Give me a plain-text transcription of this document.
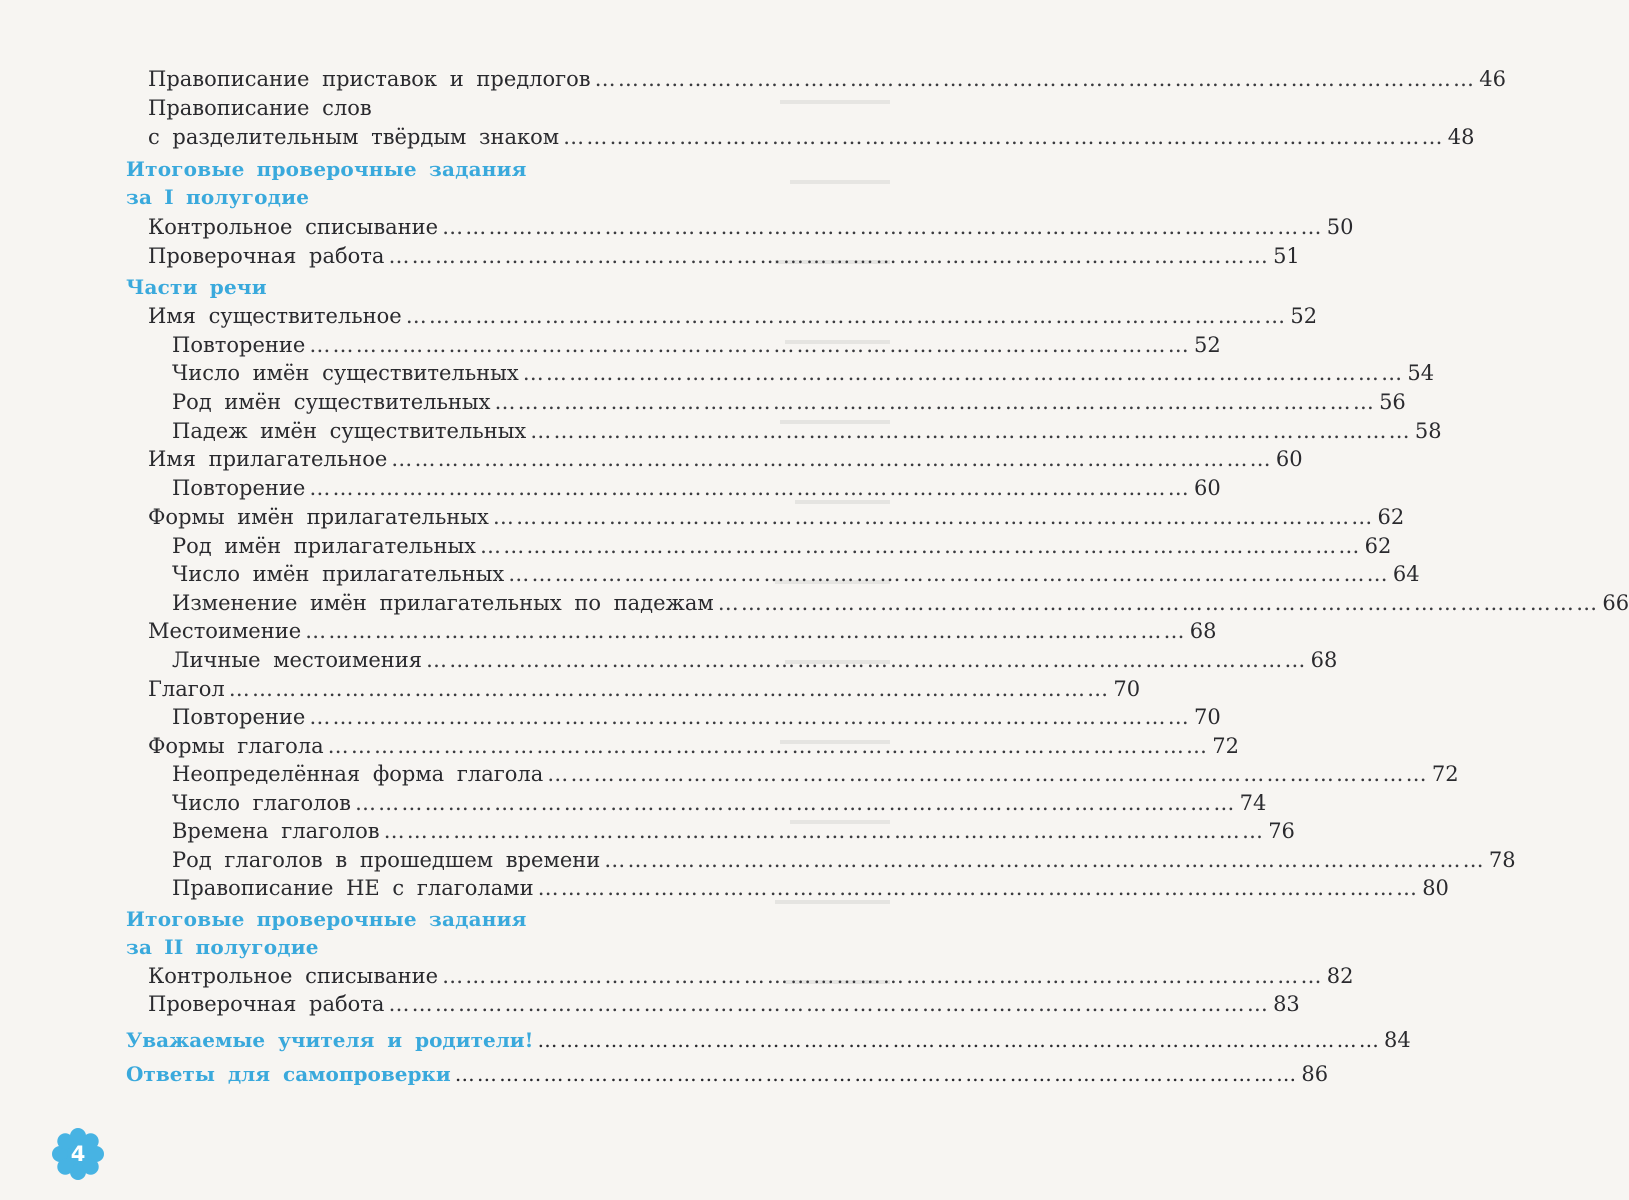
Правописание приставок и предлогов …………………………………………………………………………………………………… 46
Правописание слов
с разделительным твёрдым знаком …………………………………………………………………………………………………… 48
Итоговые проверочные задания
за I полугодие
Контрольное списывание …………………………………………………………………………………………………… 50
Проверочная работа …………………………………………………………………………………………………… 51
Части речи
Имя существительное …………………………………………………………………………………………………… 52
Повторение …………………………………………………………………………………………………… 52
Число имён существительных …………………………………………………………………………………………………… 54
Род имён существительных …………………………………………………………………………………………………… 56
Падеж имён существительных …………………………………………………………………………………………………… 58
Имя прилагательное …………………………………………………………………………………………………… 60
Повторение …………………………………………………………………………………………………… 60
Формы имён прилагательных …………………………………………………………………………………………………… 62
Род имён прилагательных …………………………………………………………………………………………………… 62
Число имён прилагательных …………………………………………………………………………………………………… 64
Изменение имён прилагательных по падежам …………………………………………………………………………………………………… 66
Местоимение …………………………………………………………………………………………………… 68
Личные местоимения …………………………………………………………………………………………………… 68
Глагол …………………………………………………………………………………………………… 70
Повторение …………………………………………………………………………………………………… 70
Формы глагола …………………………………………………………………………………………………… 72
Неопределённая форма глагола …………………………………………………………………………………………………… 72
Число глаголов …………………………………………………………………………………………………… 74
Времена глаголов …………………………………………………………………………………………………… 76
Род глаголов в прошедшем времени …………………………………………………………………………………………………… 78
Правописание НЕ с глаголами …………………………………………………………………………………………………… 80
Итоговые проверочные задания
за II полугодие
Контрольное списывание …………………………………………………………………………………………………… 82
Проверочная работа …………………………………………………………………………………………………… 83
Уважаемые учителя и родители! …………………………………………………………………………………………………… 84
Ответы для самопроверки …………………………………………………………………………………………………… 86
4
